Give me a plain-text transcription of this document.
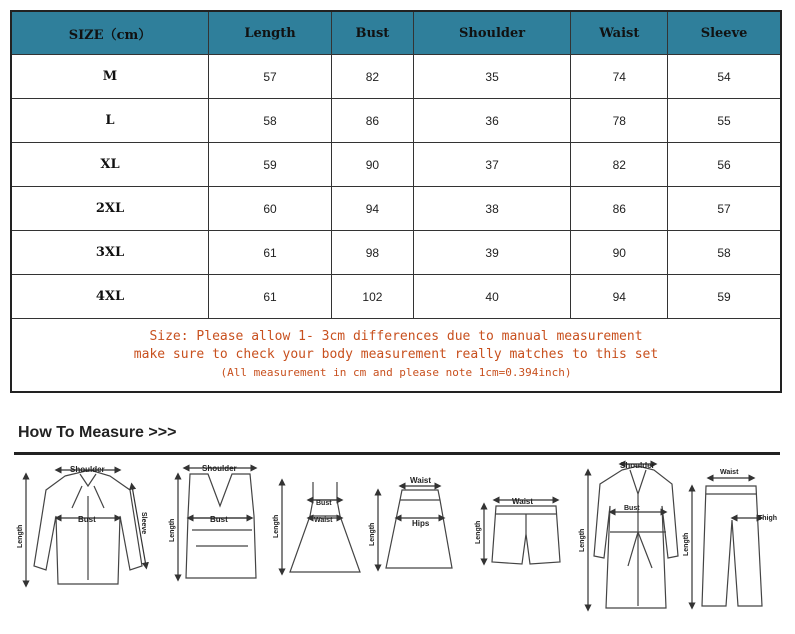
SIZE（cm）	Length	Bust	Shoulder	Waist	Sleeve
M	57	82	35	74	54
L	58	86	36	78	55
XL	59	90	37	82	56
2XL	60	94	38	86	57
3XL	61	98	39	90	58
4XL	61	102	40	94	59

Size: Please allow 1- 3cm differences due to manual measurement
make sure to check your body measurement really matches to this set
(All measurement in cm and please note 1cm=0.394inch)					
How To Measure >>>
Shoulder
Bust
Length
Sleeve
Shoulder
Bust
Length
Bust
Waist
Length
Waist
Hips
Length
Waist
Length
Shoulder
Bust
Length
Waist
Thigh
Length
